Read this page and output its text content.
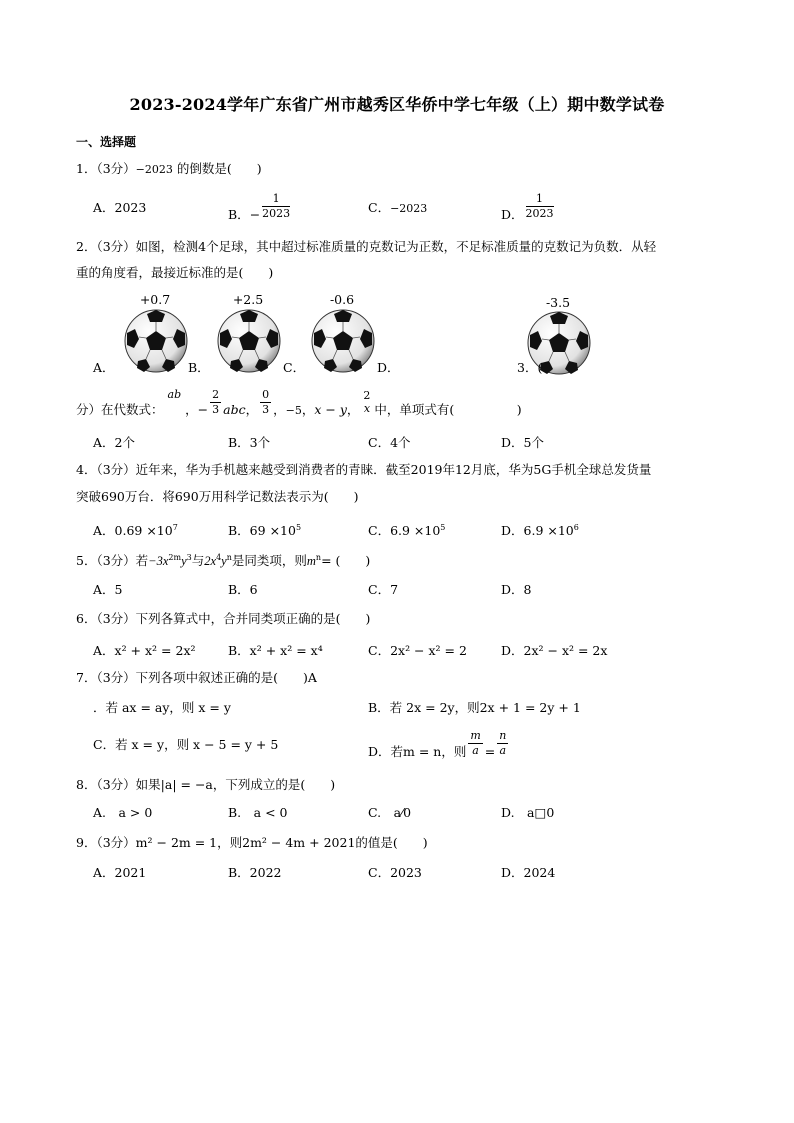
2023-2024学年广东省广州市越秀区华侨中学七年级（上）期中数学试卷
一、选择题
1．（3分）−2023 的倒数是(　　)
A．2023	B．− $\frac{1}{2023}$	C．−2023	D． $\frac{1}{2023}$
2．（3分）如图，检测4个足球，其中超过标准质量的克数记为正数，不足标准质量的克数记为负数．从轻
重的角度看，最接近标准的是(　　)
+0.7	+2.5	-0.6	-3.5
A．	B．	C．	D．	3．(
分）在代数式：
ab
，− $\frac{2}{3}$ abc， $\frac{0}{3}$ ，−5，x − y，
2
x 中，单项式有(　　　　　)
A．2个	B．3个	C．4个	D．5个
4．（3分）近年来，华为手机越来越受到消费者的青睐．截至2019年12月底，华为5G手机全球总发货量
突破690万台．将690万用科学记数法表示为(　　)
A．$0.69 \times 10^7$	B．$69 \times 10^5$	C．$6.9 \times 10^5$	D．$6.9 \times 10^6$
5．（3分）若$-3x^{2m}y^3$与$2x^4y^n$是同类项，则$m^n=$ (　　)
A．5	B．6	C．7	D．8
6．（3分）下列各算式中，合并同类项正确的是(　　)
A．x² + x² = 2x²	B．x² + x² = x⁴	C．2x² − x² = 2	D．2x² − x² = 2x
7．（3分）下列各项中叙述正确的是(　　)A
．若 ax = ay，则 x = y	B．若 2x = 2y，则2x + 1 = 2y + 1
C．若 x = y，则 x − 5 = y + 5	D．若m = n，则 $\frac{m}{a} = \frac{n}{a}$
8．（3分）如果|a| = −a，下列成立的是(　　)
A.　a > 0	B.　a < 0	C.　a⁄0	D.　a□0
9．（3分）m² − 2m = 1，则2m² − 4m + 2021的值是(　　)
A．2021	B．2022	C．2023	D．2024
